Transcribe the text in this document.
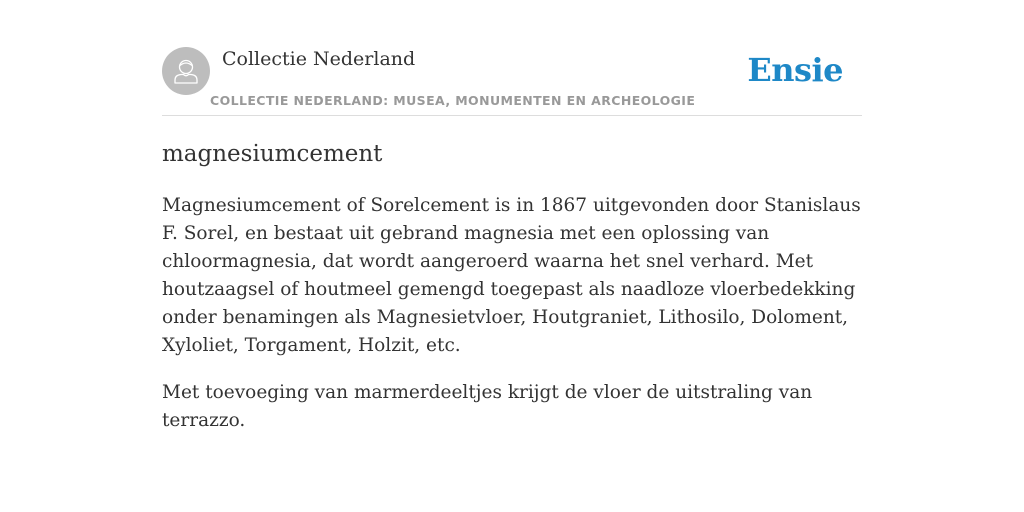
Collectie Nederland
COLLECTIE NEDERLAND: MUSEA, MONUMENTEN EN ARCHEOLOGIE
Ensie
magnesiumcement

Magnesiumcement of Sorelcement is in 1867 uitgevonden door Stanislaus F. Sorel, en bestaat uit gebrand magnesia met een oplossing van chloormagnesia, dat wordt aangeroerd waarna het snel verhard. Met houtzaagsel of houtmeel gemengd toegepast als naadloze vloerbedekking onder benamingen als Magnesietvloer, Houtgraniet, Lithosilo, Doloment, Xyloliet, Torgament, Holzit, etc.

Met toevoeging van marmerdeeltjes krijgt de vloer de uitstraling van terrazzo.
